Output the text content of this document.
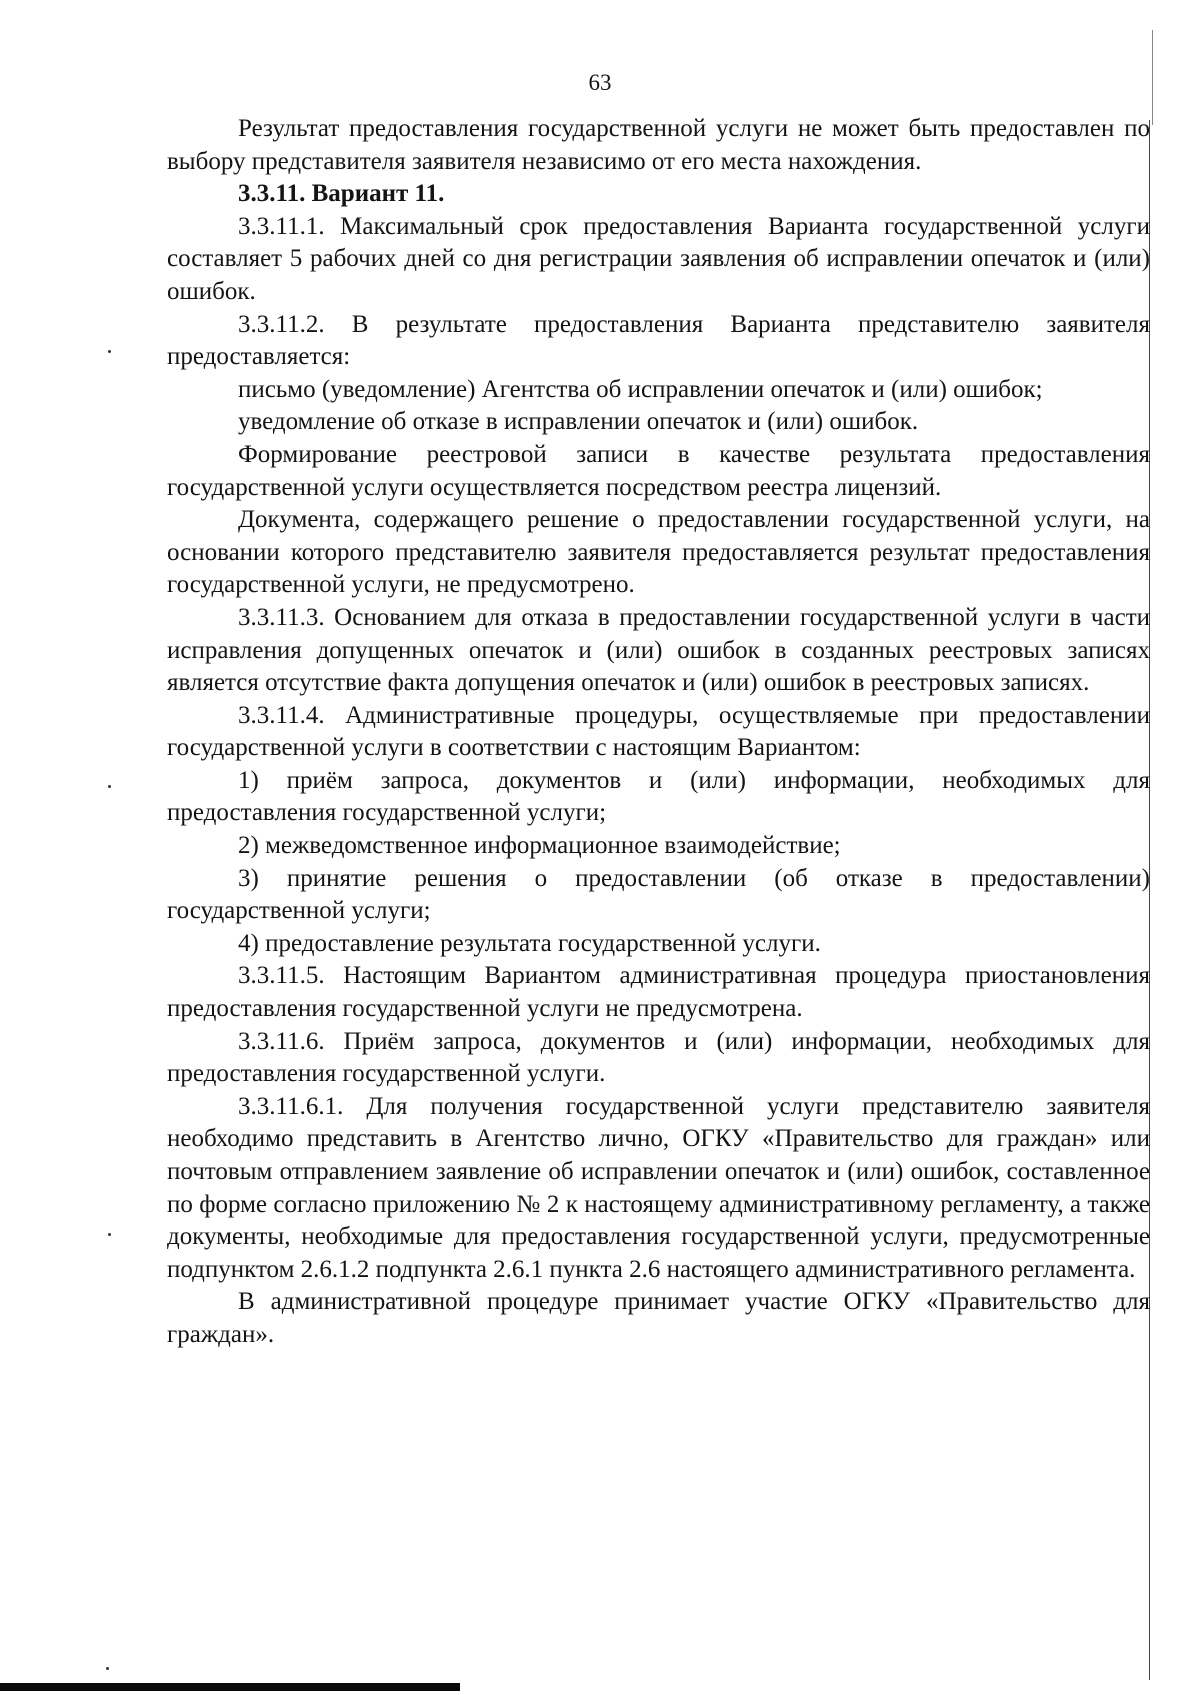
63

Результат предоставления государственной услуги не может быть предоставлен по выбору представителя заявителя независимо от его места нахождения.

3.3.11. Вариант 11.

3.3.11.1. Максимальный срок предоставления Варианта государственной услуги составляет 5 рабочих дней со дня регистрации заявления об исправлении опечаток и (или) ошибок.

3.3.11.2. В результате предоставления Варианта представителю заявителя предоставляется:

письмо (уведомление) Агентства об исправлении опечаток и (или) ошибок;

уведомление об отказе в исправлении опечаток и (или) ошибок.

Формирование реестровой записи в качестве результата предоставления государственной услуги осуществляется посредством реестра лицензий.

Документа, содержащего решение о предоставлении государственной услуги, на основании которого представителю заявителя предоставляется результат предоставления государственной услуги, не предусмотрено.

3.3.11.3. Основанием для отказа в предоставлении государственной услуги в части исправления допущенных опечаток и (или) ошибок в созданных реестровых записях является отсутствие факта допущения опечаток и (или) ошибок в реестровых записях.

3.3.11.4. Административные процедуры, осуществляемые при предоставлении государственной услуги в соответствии с настоящим Вариантом:

1) приём запроса, документов и (или) информации, необходимых для предоставления государственной услуги;

2) межведомственное информационное взаимодействие;

3) принятие решения о предоставлении (об отказе в предоставлении) государственной услуги;

4) предоставление результата государственной услуги.

3.3.11.5. Настоящим Вариантом административная процедура приостановления предоставления государственной услуги не предусмотрена.

3.3.11.6. Приём запроса, документов и (или) информации, необходимых для предоставления государственной услуги.

3.3.11.6.1. Для получения государственной услуги представителю заявителя необходимо представить в Агентство лично, ОГКУ «Правительство для граждан» или почтовым отправлением заявление об исправлении опечаток и (или) ошибок, составленное по форме согласно приложению № 2 к настоящему административному регламенту, а также документы, необходимые для предоставления государственной услуги, предусмотренные подпунктом 2.6.1.2 подпункта 2.6.1 пункта 2.6 настоящего административного регламента.

В административной процедуре принимает участие ОГКУ «Правительство для граждан».
